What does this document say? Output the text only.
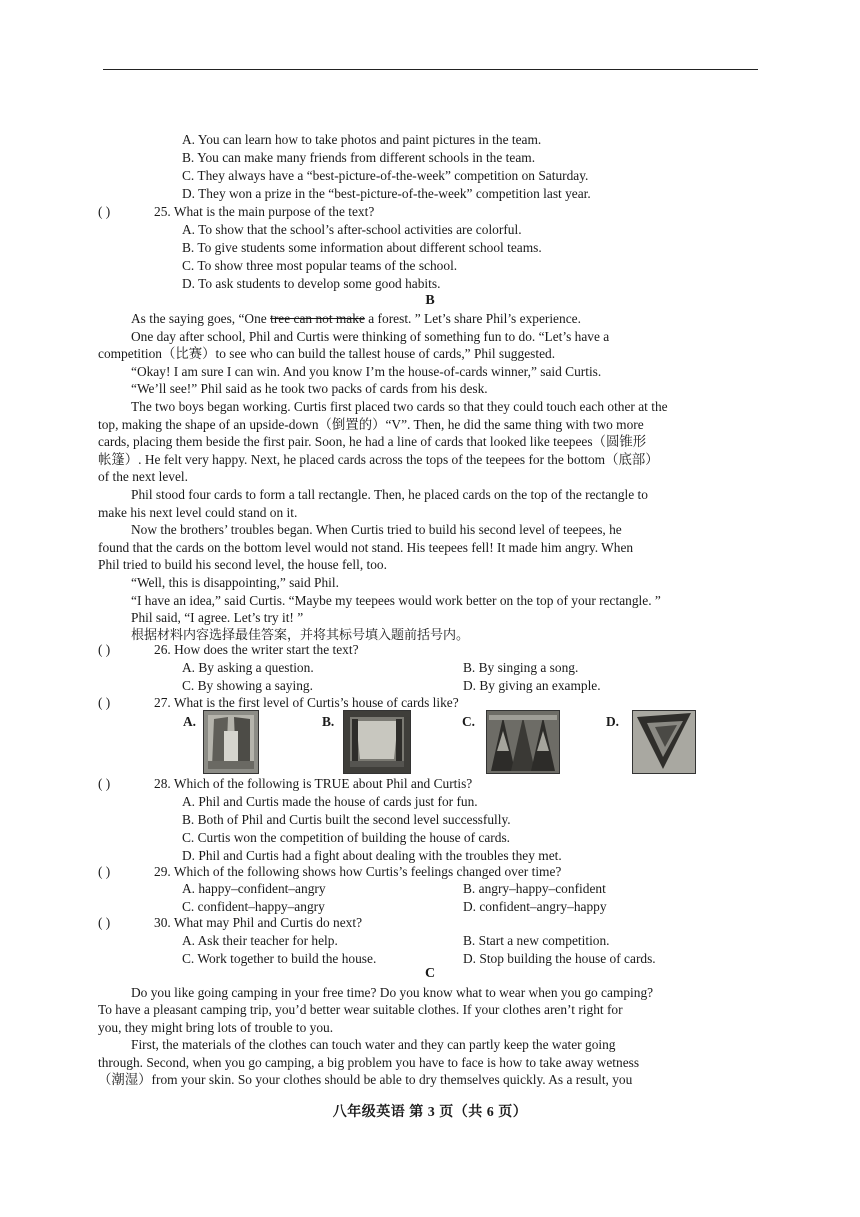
A. You can learn how to take photos and paint pictures in the team.
B. You can make many friends from different schools in the team.
C. They always have a “best-picture-of-the-week” competition on Saturday.
D. They won a prize in the “best-picture-of-the-week” competition last year.
( )	25. What is the main purpose of the text?
A. To show that the school’s after-school activities are colorful.
B. To give students some information about different school teams.
C. To show three most popular teams of the school.
D. To ask students to develop some good habits.
B
As the saying goes, “One tree can not make a forest. ” Let’s share Phil’s experience.
One day after school, Phil and Curtis were thinking of something fun to do. “Let’s have a
competition（比赛）to see who can build the tallest house of cards,” Phil suggested.
“Okay! I am sure I can win. And you know I’m the house-of-cards winner,” said Curtis.
“We’ll see!” Phil said as he took two packs of cards from his desk.
The two boys began working. Curtis first placed two cards so that they could touch each other at the
top, making the shape of an upside-down（倒置的）“V”. Then, he did the same thing with two more
cards, placing them beside the first pair. Soon, he had a line of cards that looked like teepees（圆锥形
帐篷）. He felt very happy. Next, he placed cards across the tops of the teepees for the bottom（底部）
of the next level.
Phil stood four cards to form a tall rectangle. Then, he placed cards on the top of the rectangle to
make his next level could stand on it.
Now the brothers’ troubles began. When Curtis tried to build his second level of teepees, he
found that the cards on the bottom level would not stand. His teepees fell! It made him angry. When
Phil tried to build his second level, the house fell, too.
“Well, this is disappointing,” said Phil.
“I have an idea,” said Curtis. “Maybe my teepees would work better on the top of your rectangle. ”
Phil said, “I agree. Let’s try it! ”
根据材料内容选择最佳答案，并将其标号填入题前括号内。
( )	26. How does the writer start the text?
A. By asking a question.	B. By singing a song.
C. By showing a saying.	D. By giving an example.
( )	27. What is the first level of Curtis’s house of cards like?
A.	B.	C.	D.
( )	28. Which of the following is TRUE about Phil and Curtis?
A. Phil and Curtis made the house of cards just for fun.
B. Both of Phil and Curtis built the second level successfully.
C. Curtis won the competition of building the house of cards.
D. Phil and Curtis had a fight about dealing with the troubles they met.
( )	29. Which of the following shows how Curtis’s feelings changed over time?
A. happy–confident–angry	B. angry–happy–confident
C. confident–happy–angry	D. confident–angry–happy
( )	30. What may Phil and Curtis do next?
A. Ask their teacher for help.	B. Start a new competition.
C. Work together to build the house.	D. Stop building the house of cards.
C
Do you like going camping in your free time? Do you know what to wear when you go camping?
To have a pleasant camping trip, you’d better wear suitable clothes. If your clothes aren’t right for
you, they might bring lots of trouble to you.
First, the materials of the clothes can touch water and they can partly keep the water going
through. Second, when you go camping, a big problem you have to face is how to take away wetness
（潮湿）from your skin. So your clothes should be able to dry themselves quickly. As a result, you
八年级英语 第 3 页（共 6 页）
